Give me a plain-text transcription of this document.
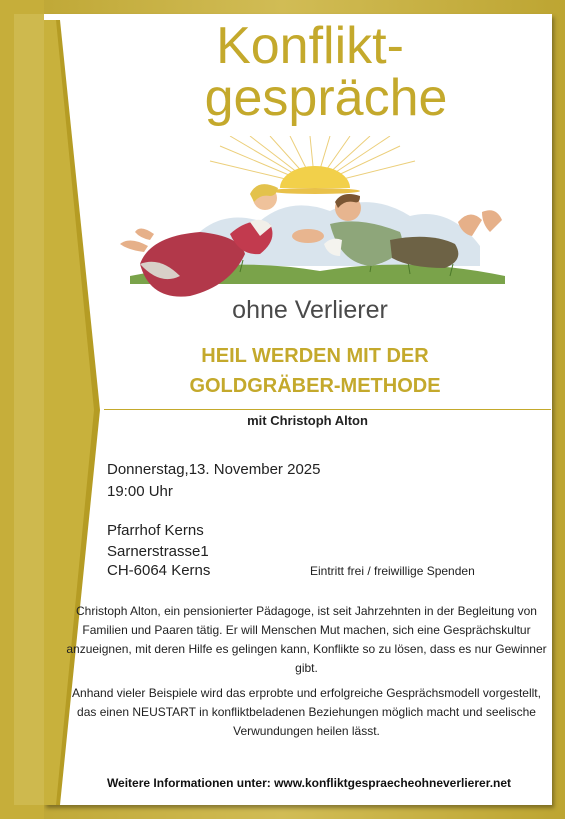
Konflikt-
gespräche
ohne Verlierer
HEIL WERDEN MIT DER
GOLDGRÄBER-METHODE
mit Christoph Alton
Donnerstag,13. November 2025
19:00 Uhr
Pfarrhof Kerns
Sarnerstrasse1
CH-6064 Kerns	Eintritt frei / freiwillige Spenden

Christoph Alton, ein pensionierter Pädagoge, ist seit Jahrzehnten in der Begleitung von Familien und Paaren tätig. Er will Menschen Mut machen, sich eine Gesprächskultur anzueignen, mit deren Hilfe es gelingen kann, Konflikte so zu lösen, dass es nur Gewinner gibt.

Anhand vieler Beispiele wird das erprobte und erfolgreiche Gesprächsmodell vorgestellt, das einen NEUSTART in konfliktbeladenen Beziehungen möglich macht und seelische Verwundungen heilen lässt.

Weitere Informationen unter: www.konfliktgespraecheohneverlierer.net
